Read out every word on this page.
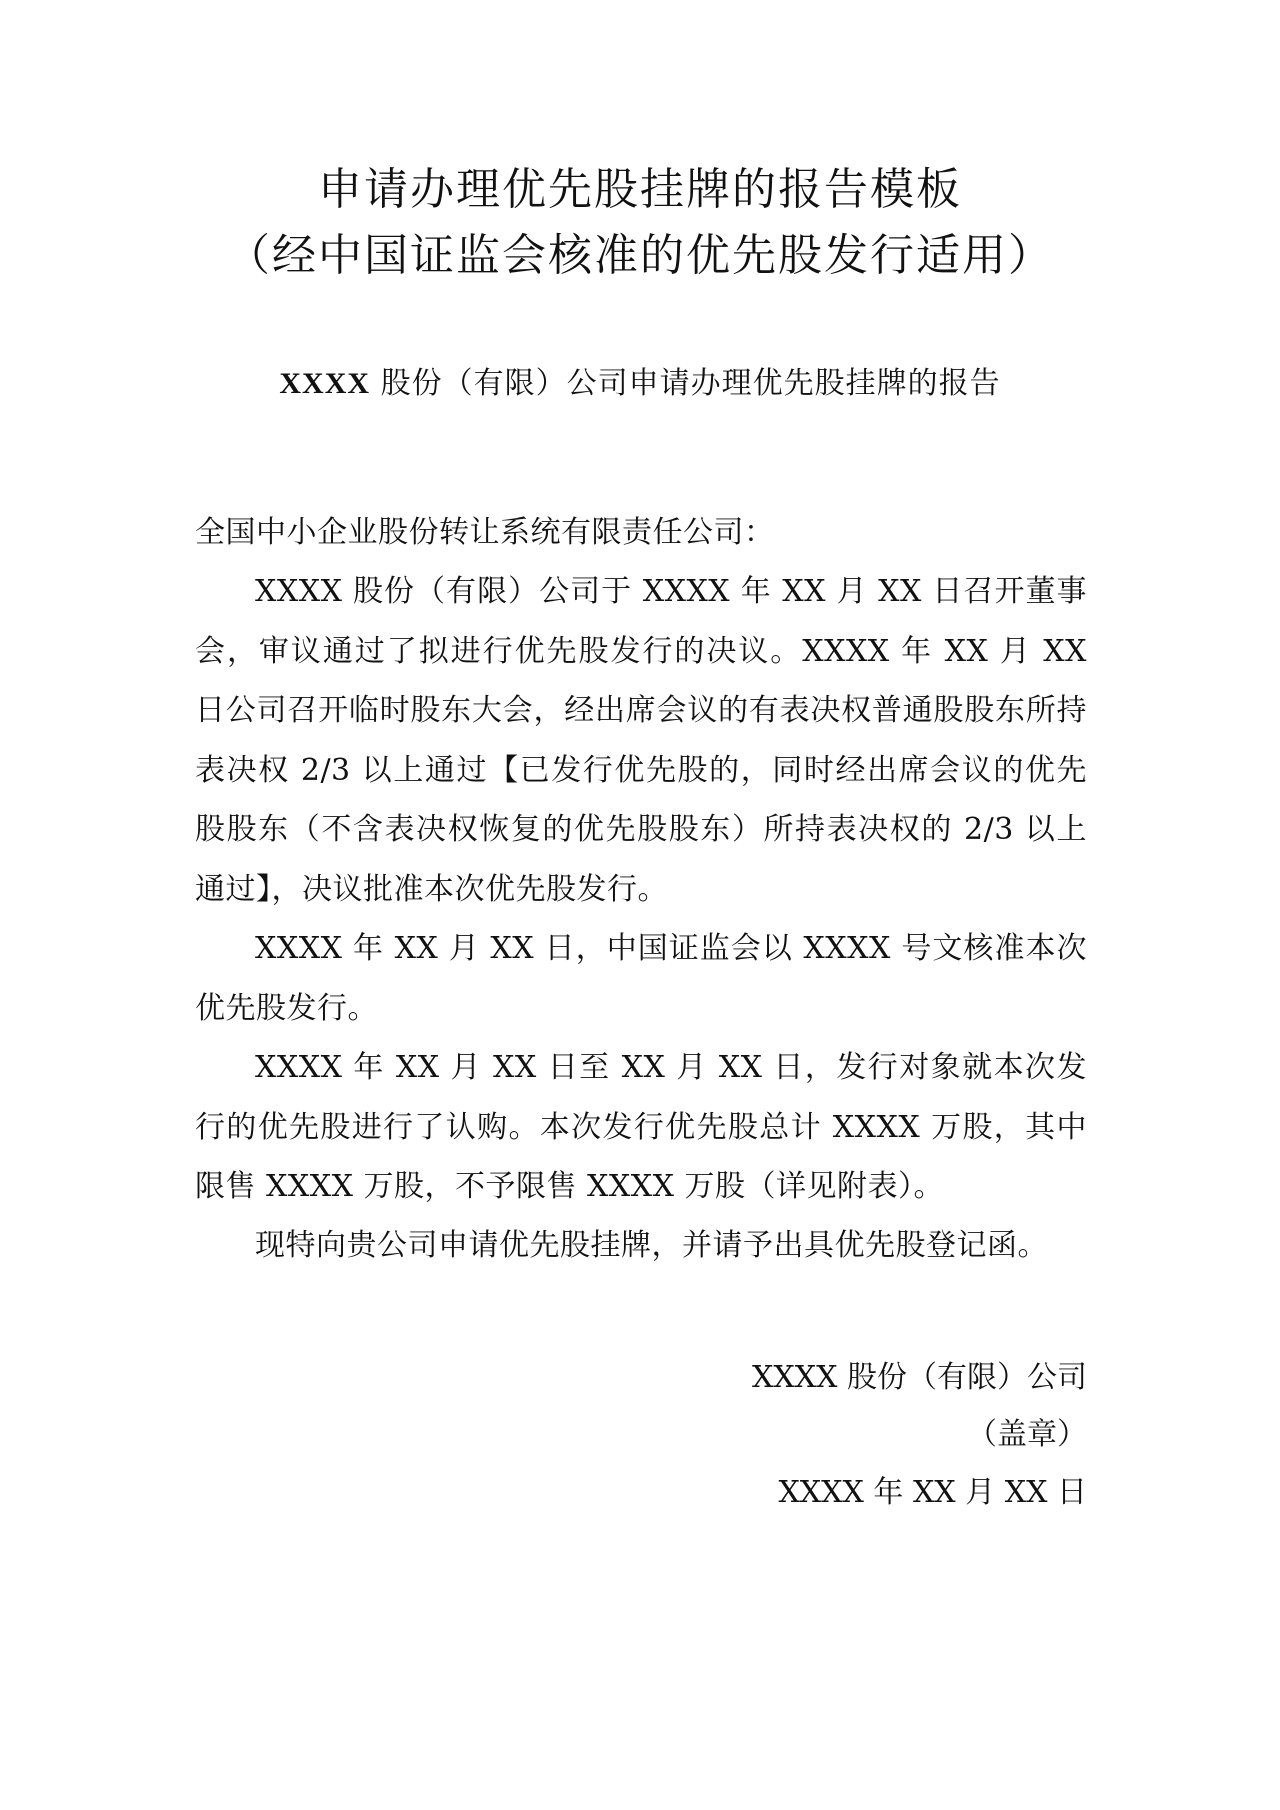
申请办理优先股挂牌的报告模板
（经中国证监会核准的优先股发行适用）
XXXX 股份（有限）公司申请办理优先股挂牌的报告
全国中小企业股份转让系统有限责任公司：
XXXX 股份（有限）公司于 XXXX 年 XX 月 XX 日召开董事会，审议通过了拟进行优先股发行的决议。XXXX 年 XX 月 XX 日公司召开临时股东大会，经出席会议的有表决权普通股股东所持表决权 2/3 以上通过【已发行优先股的，同时经出席会议的优先股股东（不含表决权恢复的优先股股东）所持表决权的 2/3 以上通过】，决议批准本次优先股发行。
XXXX 年 XX 月 XX 日，中国证监会以 XXXX 号文核准本次优先股发行。
XXXX 年 XX 月 XX 日至 XX 月 XX 日，发行对象就本次发行的优先股进行了认购。本次发行优先股总计 XXXX 万股，其中限售 XXXX 万股，不予限售 XXXX 万股（详见附表）。
现特向贵公司申请优先股挂牌，并请予出具优先股登记函。
XXXX 股份（有限）公司
（盖章）
XXXX 年 XX 月 XX 日
